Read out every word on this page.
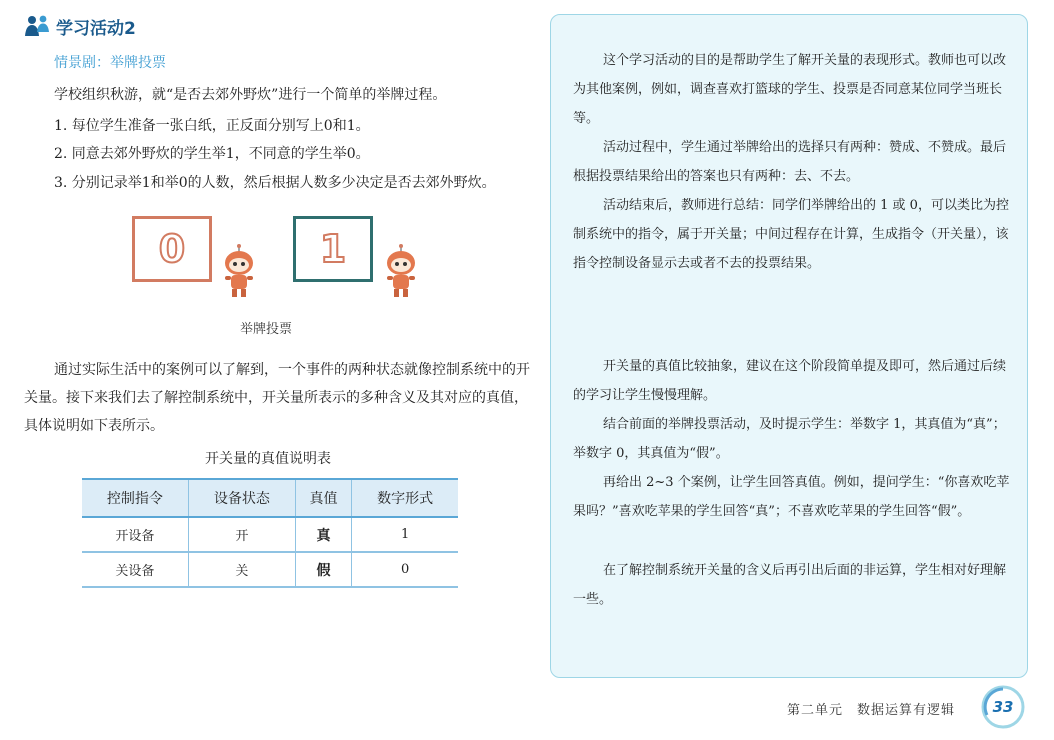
学习活动2
情景剧：举牌投票
学校组织秋游，就“是否去郊外野炊”进行一个简单的举牌过程。
1. 每位学生准备一张白纸，正反面分别写上0和1。
2. 同意去郊外野炊的学生举1，不同意的学生举0。
3. 分别记录举1和举0的人数，然后根据人数多少决定是否去郊外野炊。
0	1
举牌投票
通过实际生活中的案例可以了解到，一个事件的两种状态就像控制系统中的开关量。接下来我们去了解控制系统中，开关量所表示的多种含义及其对应的真值，具体说明如下表所示。
开关量的真值说明表
控制指令	设备状态	真值	数字形式
开设备	开	真	1
关设备	关	假	0

这个学习活动的目的是帮助学生了解开关量的表现形式。教师也可以改为其他案例，例如，调查喜欢打篮球的学生、投票是否同意某位同学当班长等。

活动过程中，学生通过举牌给出的选择只有两种：赞成、不赞成。最后根据投票结果给出的答案也只有两种：去、不去。

活动结束后，教师进行总结：同学们举牌给出的 1 或 0，可以类比为控制系统中的指令，属于开关量；中间过程存在计算，生成指令（开关量），该指令控制设备显示去或者不去的投票结果。

开关量的真值比较抽象，建议在这个阶段简单提及即可，然后通过后续的学习让学生慢慢理解。

结合前面的举牌投票活动，及时提示学生：举数字 1，其真值为“真”；举数字 0，其真值为“假”。

再给出 2~3 个案例，让学生回答真值。例如，提问学生：“你喜欢吃苹果吗？”喜欢吃苹果的学生回答“真”；不喜欢吃苹果的学生回答“假”。

在了解控制系统开关量的含义后再引出后面的非运算，学生相对好理解一些。

第二单元　数据运算有逻辑	33
